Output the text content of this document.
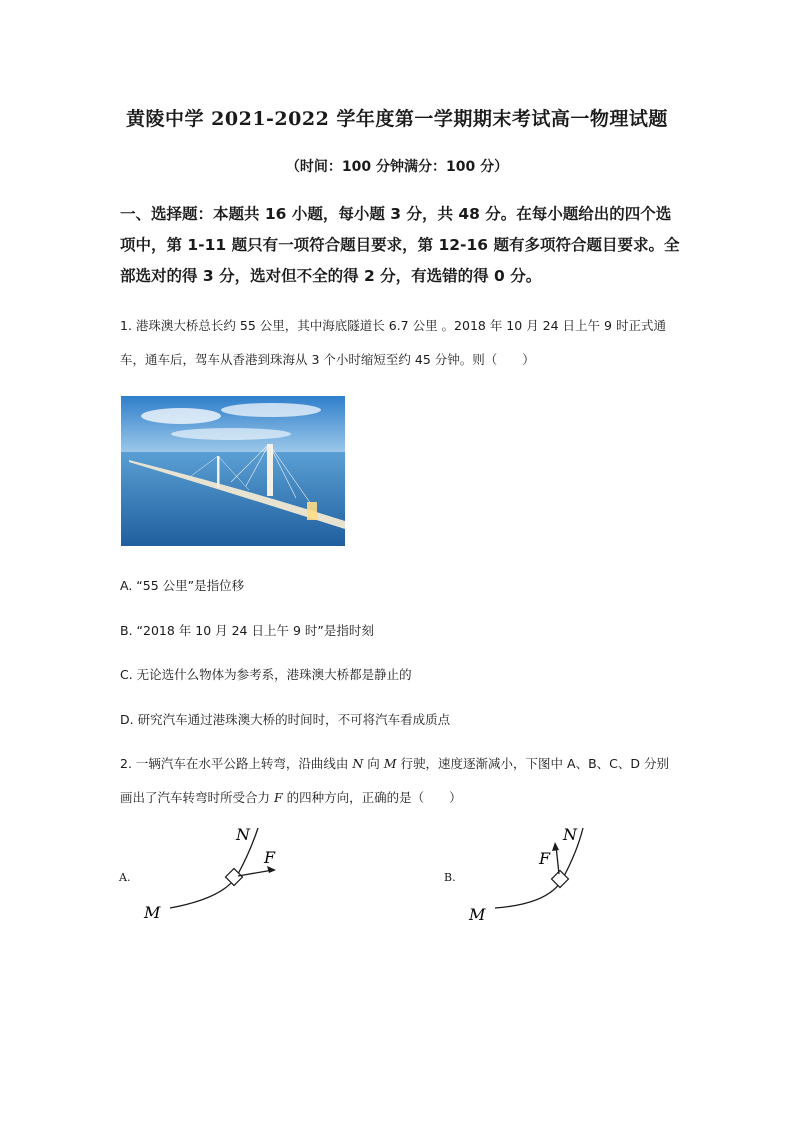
黄陵中学 2021-2022 学年度第一学期期末考试高一物理试题
（时间：100 分钟满分：100 分）
一、选择题：本题共 16 小题，每小题 3 分，共 48 分。在每小题给出的四个选项中，第 1-11 题只有一项符合题目要求，第 12-16 题有多项符合题目要求。全部选对的得 3 分，选对但不全的得 2 分，有选错的得 0 分。
1. 港珠澳大桥总长约 55 公里，其中海底隧道长 6.7 公里 。2018 年 10 月 24 日上午 9 时正式通车，通车后，驾车从香港到珠海从 3 个小时缩短至约 45 分钟。则（　　）
A. “55 公里”是指位移
B. “2018 年 10 月 24 日上午 9 时”是指时刻
C. 无论选什么物体为参考系，港珠澳大桥都是静止的
D. 研究汽车通过港珠澳大桥的时间时，不可将汽车看成质点
2. 一辆汽车在水平公路上转弯，沿曲线由 N 向 M 行驶，速度逐渐减小，下图中 A、B、C、D 分别画出了汽车转弯时所受合力 F 的四种方向，正确的是（　　）
A.
N
F
M
B.
N
F
M
